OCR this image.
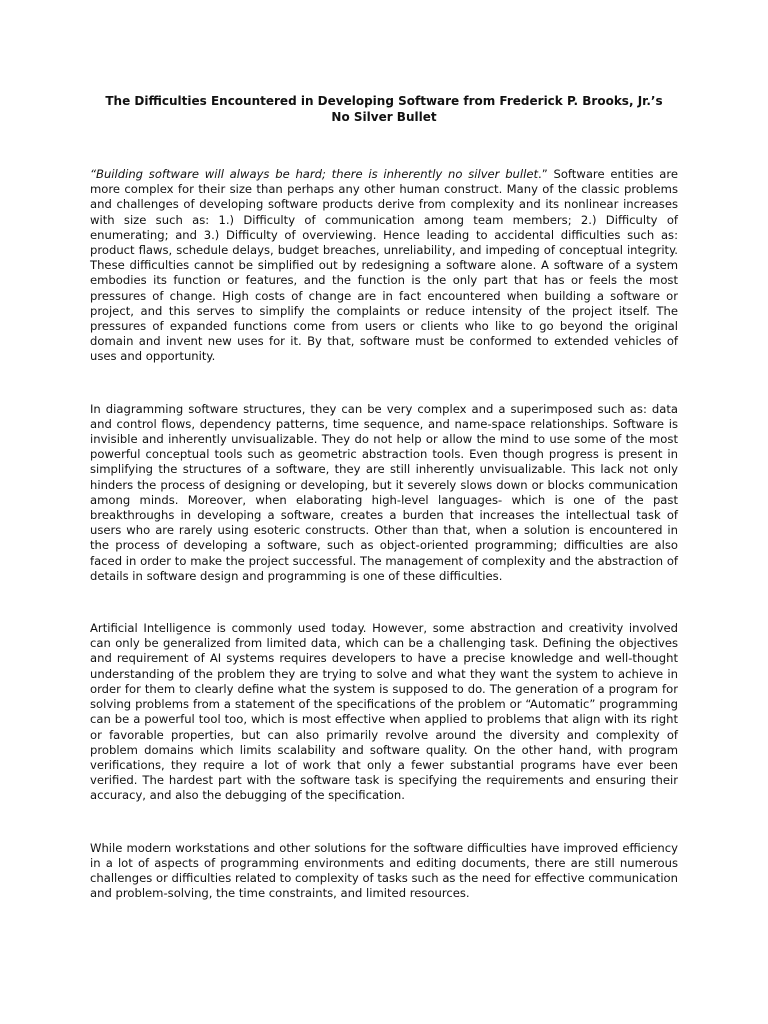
The Difficulties Encountered in Developing Software from Frederick P. Brooks, Jr.’s No Silver Bullet

“Building software will always be hard; there is inherently no silver bullet.” Software entities are more complex for their size than perhaps any other human construct. Many of the classic problems and challenges of developing software products derive from complexity and its nonlinear increases with size such as: 1.) Difficulty of communication among team members; 2.) Difficulty of enumerating; and 3.) Difficulty of overviewing. Hence leading to accidental difficulties such as: product flaws, schedule delays, budget breaches, unreliability, and impeding of conceptual integrity. These difficulties cannot be simplified out by redesigning a software alone. A software of a system embodies its function or features, and the function is the only part that has or feels the most pressures of change. High costs of change are in fact encountered when building a software or project, and this serves to simplify the complaints or reduce intensity of the project itself. The pressures of expanded functions come from users or clients who like to go beyond the original domain and invent new uses for it. By that, software must be conformed to extended vehicles of uses and opportunity.

In diagramming software structures, they can be very complex and a superimposed such as: data and control flows, dependency patterns, time sequence, and name-space relationships. Software is invisible and inherently unvisualizable. They do not help or allow the mind to use some of the most powerful conceptual tools such as geometric abstraction tools. Even though progress is present in simplifying the structures of a software, they are still inherently unvisualizable. This lack not only hinders the process of designing or developing, but it severely slows down or blocks communication among minds. Moreover, when elaborating high-level languages- which is one of the past breakthroughs in developing a software, creates a burden that increases the intellectual task of users who are rarely using esoteric constructs. Other than that, when a solution is encountered in the process of developing a software, such as object-oriented programming; difficulties are also faced in order to make the project successful. The management of complexity and the abstraction of details in software design and programming is one of these difficulties.

Artificial Intelligence is commonly used today. However, some abstraction and creativity involved can only be generalized from limited data, which can be a challenging task. Defining the objectives and requirement of AI systems requires developers to have a precise knowledge and well-thought understanding of the problem they are trying to solve and what they want the system to achieve in order for them to clearly define what the system is supposed to do. The generation of a program for solving problems from a statement of the specifications of the problem or “Automatic” programming can be a powerful tool too, which is most effective when applied to problems that align with its right or favorable properties, but can also primarily revolve around the diversity and complexity of problem domains which limits scalability and software quality. On the other hand, with program verifications, they require a lot of work that only a fewer substantial programs have ever been verified. The hardest part with the software task is specifying the requirements and ensuring their accuracy, and also the debugging of the specification.

While modern workstations and other solutions for the software difficulties have improved efficiency in a lot of aspects of programming environments and editing documents, there are still numerous challenges or difficulties related to complexity of tasks such as the need for effective communication and problem-solving, the time constraints, and limited resources.
